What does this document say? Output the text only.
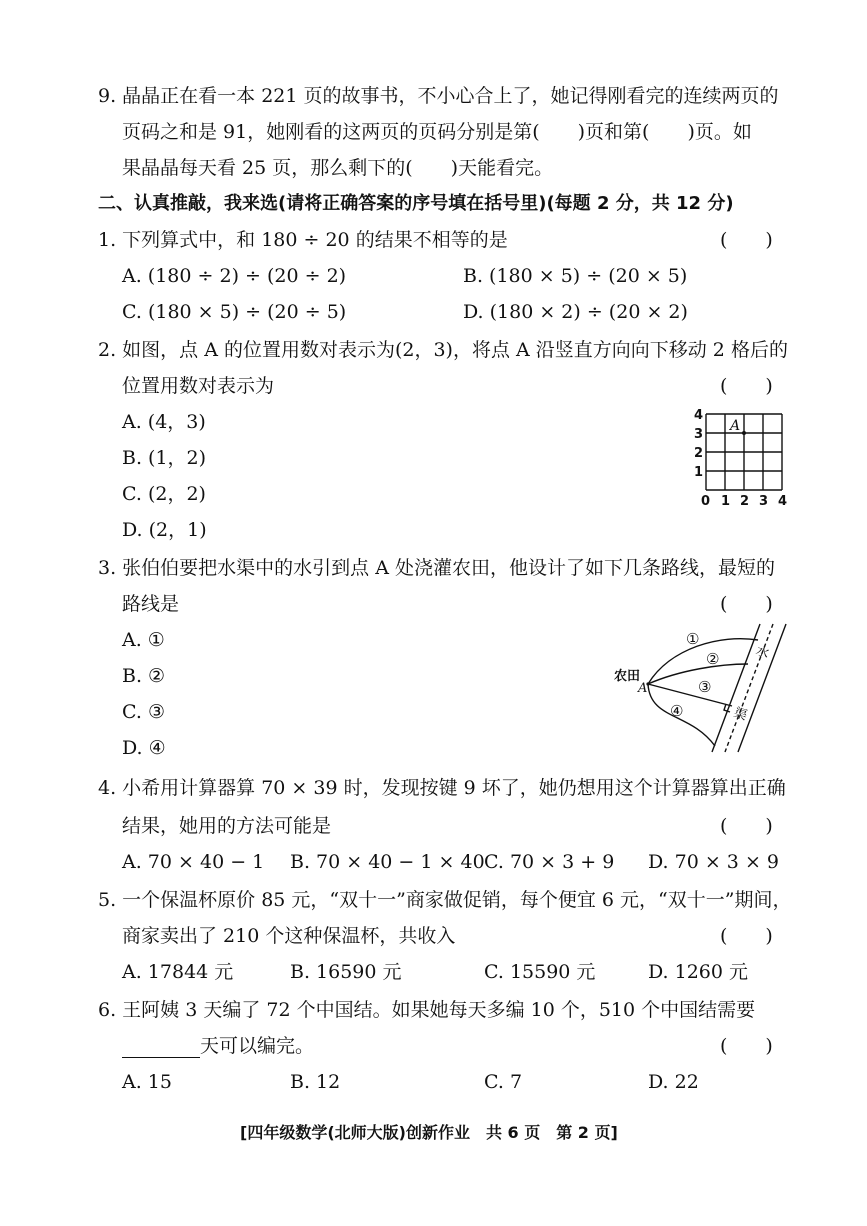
9. 晶晶正在看一本 221 页的故事书，不小心合上了，她记得刚看完的连续两页的
页码之和是 91，她刚看的这两页的页码分别是第(　　)页和第(　　)页。如
果晶晶每天看 25 页，那么剩下的(　　)天能看完。
二、认真推敲，我来选(请将正确答案的序号填在括号里)(每题 2 分，共 12 分)
1. 下列算式中，和 180 ÷ 20 的结果不相等的是	(　　)
A. (180 ÷ 2) ÷ (20 ÷ 2)	B. (180 × 5) ÷ (20 × 5)
C. (180 × 5) ÷ (20 ÷ 5)	D. (180 × 2) ÷ (20 × 2)
2. 如图，点 A 的位置用数对表示为(2，3)，将点 A 沿竖直方向向下移动 2 格后的
位置用数对表示为	(　　)
A. (4，3)
B. (1，2)
C. (2，2)
D. (2，1)
0 1 2 3 4
1
2
3
4
A
3. 张伯伯要把水渠中的水引到点 A 处浇灌农田，他设计了如下几条路线，最短的
路线是	(　　)
A. ①
B. ②
C. ③
D. ④
①
②
③
④
农田
A
水
渠
4. 小希用计算器算 70 × 39 时，发现按键 9 坏了，她仍想用这个计算器算出正确
结果，她用的方法可能是	(　　)
A. 70 × 40 − 1 B. 70 × 40 − 1 × 40 C. 70 × 3 + 9 D. 70 × 3 × 9
5. 一个保温杯原价 85 元，“双十一”商家做促销，每个便宜 6 元，“双十一”期间，
商家卖出了 210 个这种保温杯，共收入	(　　)
A. 17844 元	B. 16590 元	C. 15590 元	D. 1260 元
6. 王阿姨 3 天编了 72 个中国结。如果她每天多编 10 个，510 个中国结需要
天可以编完。	(　　)
A. 15	B. 12	C. 7	D. 22
[四年级数学(北师大版)创新作业　共 6 页　第 2 页]
